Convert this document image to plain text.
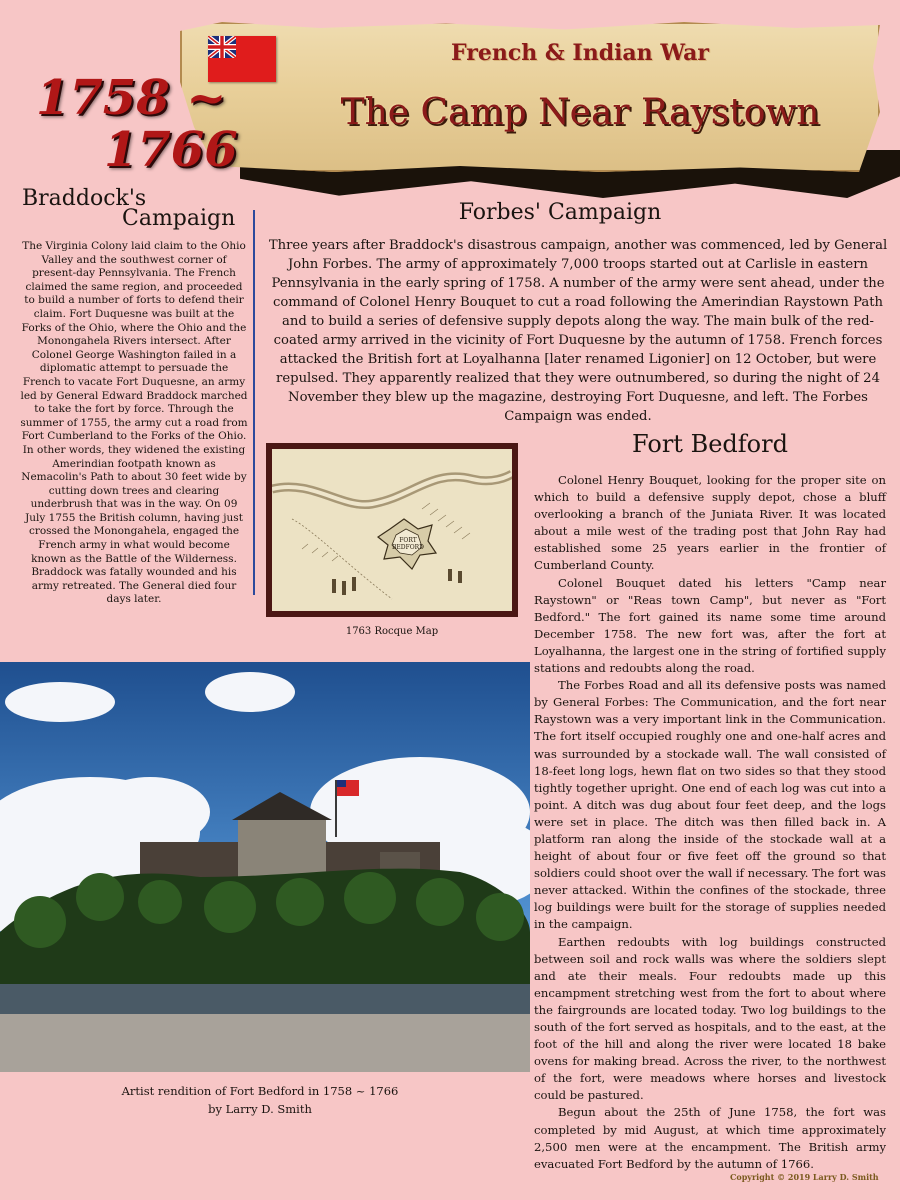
French & Indian War
The Camp Near Raystown
1758 ~
1766
Braddock's
Campaign
The Virginia Colony laid claim to the Ohio Valley and the southwest corner of present-day Pennsylvania. The French claimed the same region, and proceeded to build a number of forts to defend their claim. Fort Duquesne was built at the Forks of the Ohio, where the Ohio and the Monongahela Rivers intersect. After Colonel George Washington failed in a diplomatic attempt to persuade the French to vacate Fort Duquesne, an army led by General Edward Braddock marched to take the fort by force. Through the summer of 1755, the army cut a road from Fort Cumberland to the Forks of the Ohio. In other words, they widened the existing Amerindian footpath known as Nemacolin's Path to about 30 feet wide by cutting down trees and clearing underbrush that was in the way. On 09 July 1755 the British column, having just crossed the Monongahela, engaged the French army in what would become known as the Battle of the Wilderness. Braddock was fatally wounded and his army retreated. The General died four days later.
Forbes' Campaign
Three years after Braddock's disastrous campaign, another was commenced, led by General John Forbes. The army of approximately 7,000 troops started out at Carlisle in eastern Pennsylvania in the early spring of 1758. A number of the army were sent ahead, under the command of Colonel Henry Bouquet to cut a road following the Amerindian Raystown Path and to build a series of defensive supply depots along the way. The main bulk of the red-coated army arrived in the vicinity of Fort Duquesne by the autumn of 1758. French forces attacked the British fort at Loyalhanna [later renamed Ligonier] on 12 October, but were repulsed. They apparently realized that they were outnumbered, so during the night of 24 November they blew up the magazine, destroying Fort Duquesne, and left. The Forbes Campaign was ended.
FORT
BEDFORD
1763 Rocque Map
Fort Bedford

Colonel Henry Bouquet, looking for the proper site on which to build a defensive supply depot, chose a bluff overlooking a branch of the Juniata River. It was located about a mile west of the trading post that John Ray had established some 25 years earlier in the frontier of Cumberland County.

Colonel Bouquet dated his letters "Camp near Raystown" or "Reas town Camp", but never as "Fort Bedford." The fort gained its name some time around December 1758. The new fort was, after the fort at Loyalhanna, the largest one in the string of fortified supply stations and redoubts along the road.

The Forbes Road and all its defensive posts was named by General Forbes: The Communication, and the fort near Raystown was a very important link in the Communication. The fort itself occupied roughly one and one-half acres and was surrounded by a stockade wall. The wall consisted of 18-feet long logs, hewn flat on two sides so that they stood tightly together upright. One end of each log was cut into a point. A ditch was dug about four feet deep, and the logs were set in place. The ditch was then filled back in. A platform ran along the inside of the stockade wall at a height of about four or five feet off the ground so that soldiers could shoot over the wall if necessary. The fort was never attacked. Within the confines of the stockade, three log buildings were built for the storage of supplies needed in the campaign.

Earthen redoubts with log buildings constructed between soil and rock walls was where the soldiers slept and ate their meals. Four redoubts made up this encampment stretching west from the fort to about where the fairgrounds are located today. Two log buildings to the south of the fort served as hospitals, and to the east, at the foot of the hill and along the river were located 18 bake ovens for making bread. Across the river, to the northwest of the fort, were meadows where horses and livestock could be pastured.

Begun about the 25th of June 1758, the fort was completed by mid August, at which time approximately 2,500 men were at the encampment. The British army evacuated Fort Bedford by the autumn of 1766.

Artist rendition of Fort Bedford in 1758 ~ 1766
by Larry D. Smith
Copyright © 2019 Larry D. Smith
